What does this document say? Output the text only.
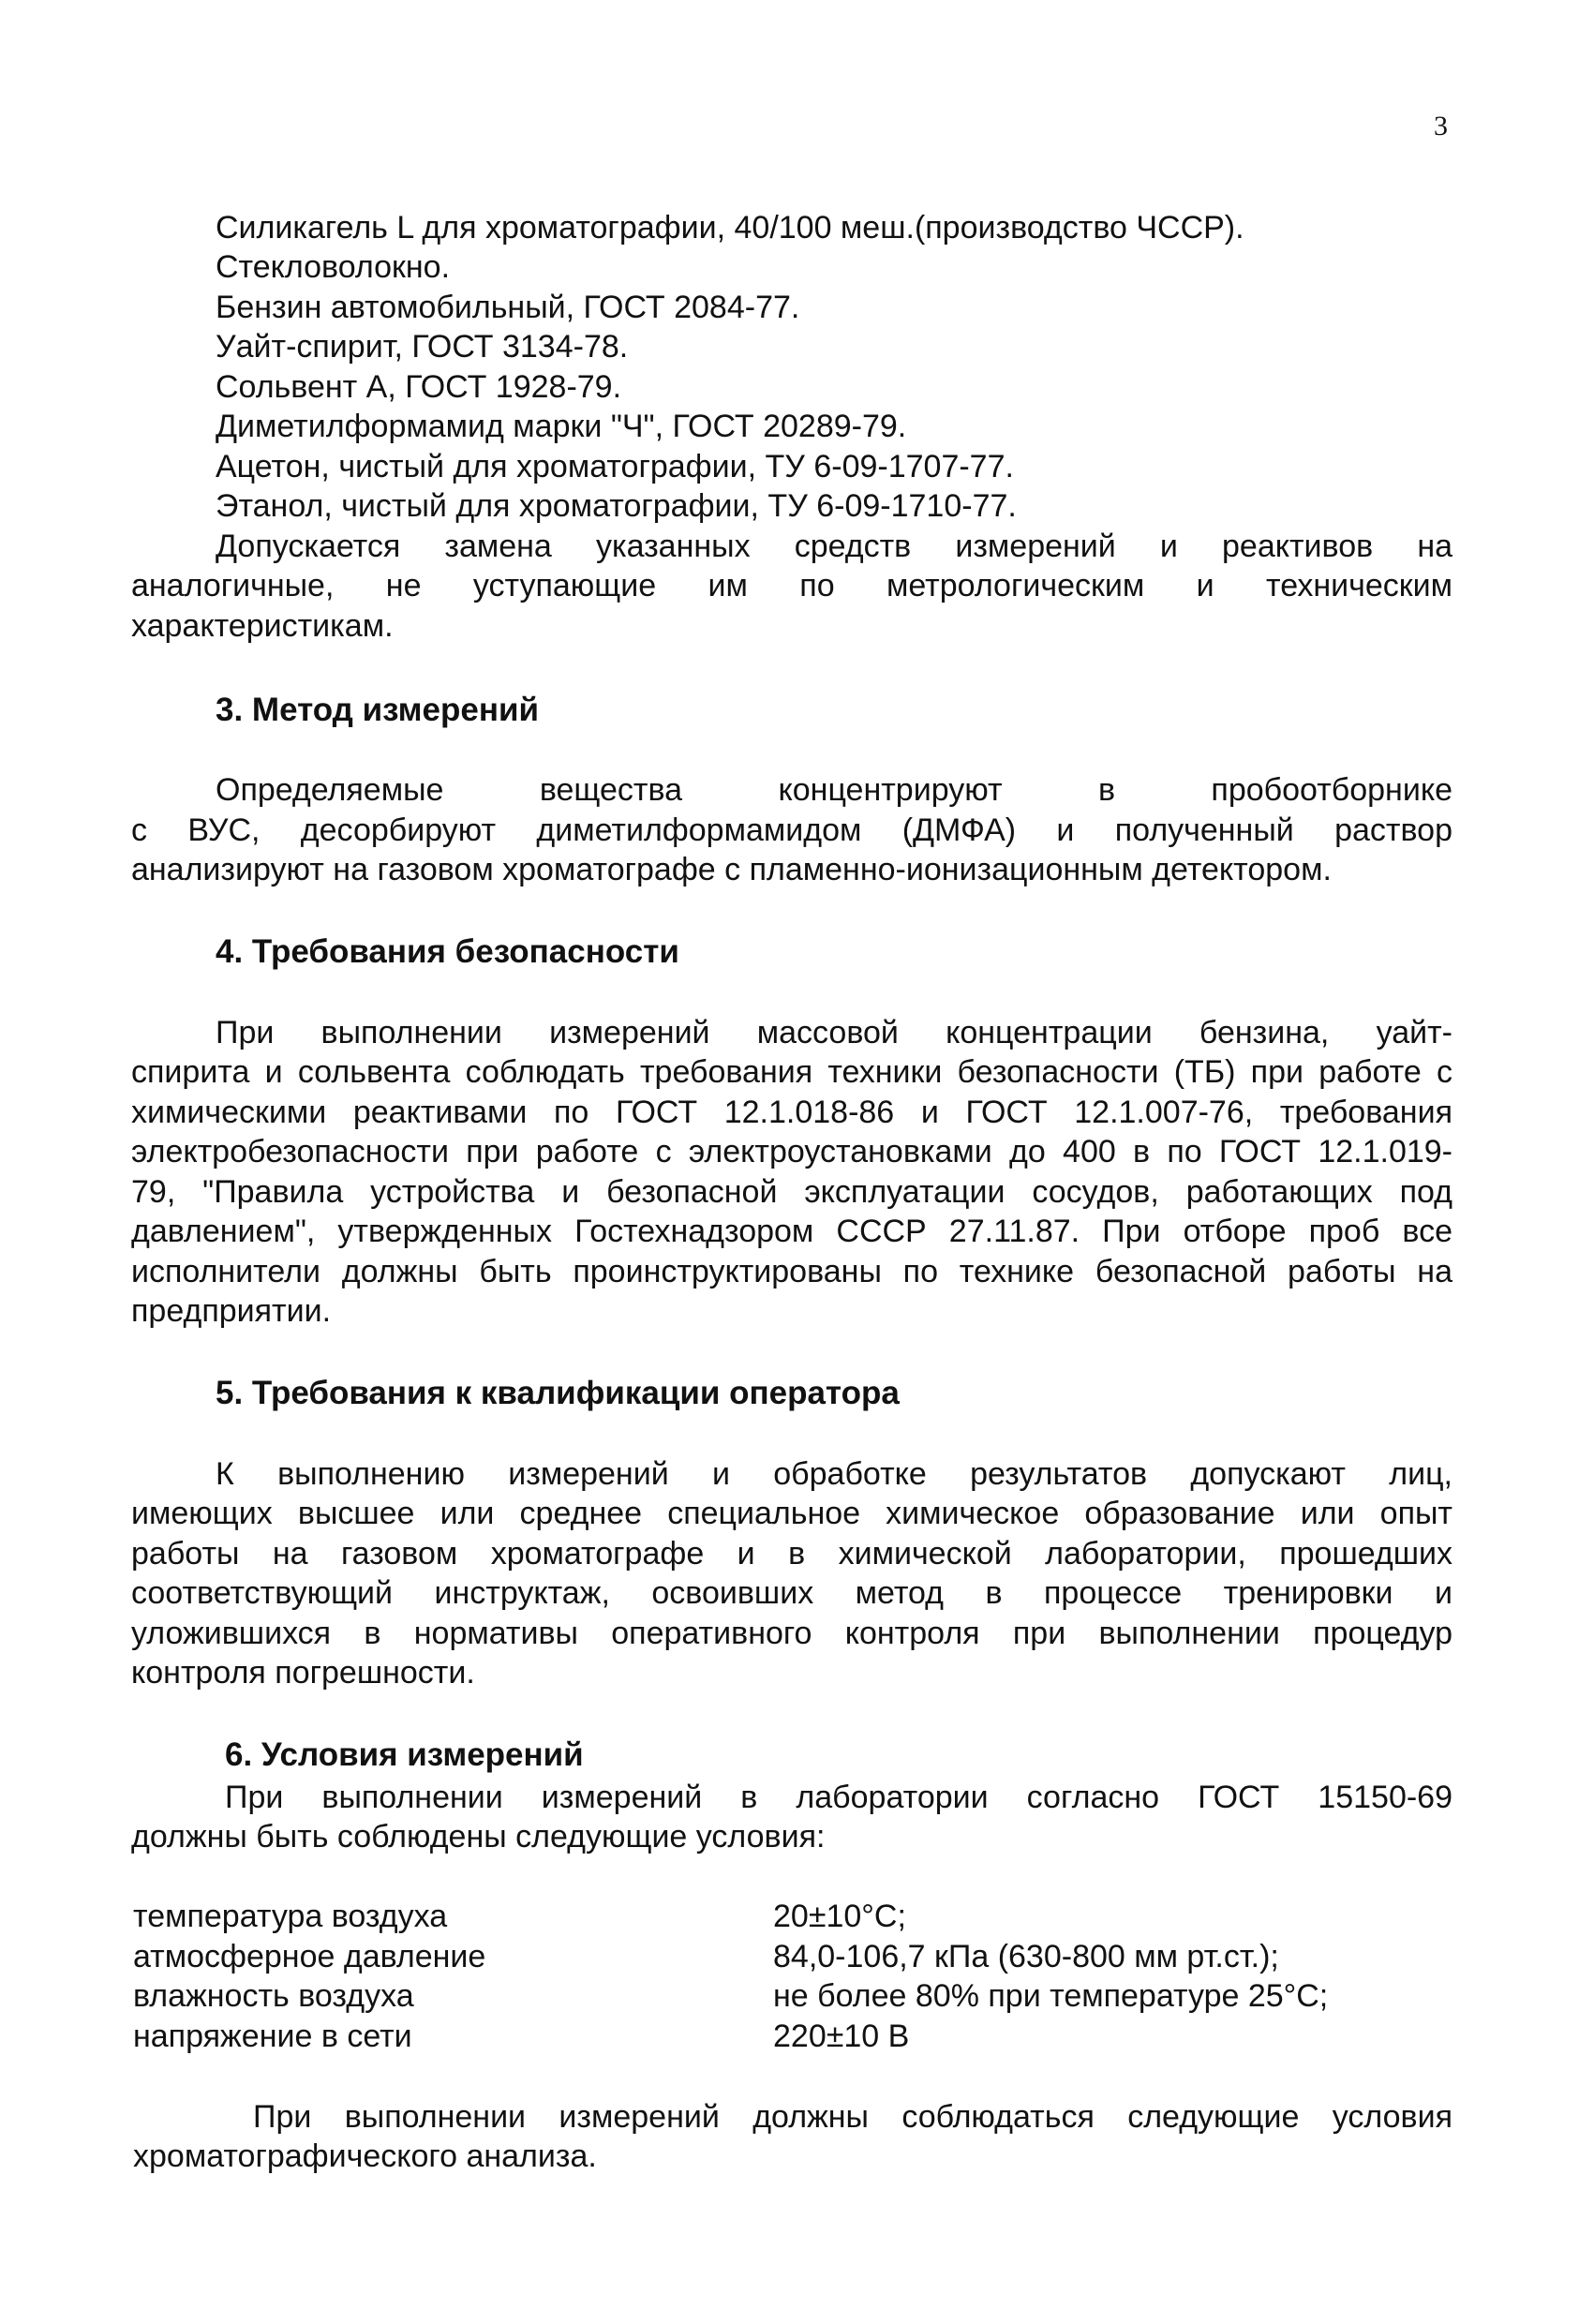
3
Силикагель L для хроматографии, 40/100 меш.(производство ЧССР).
Стекловолокно.
Бензин автомобильный, ГОСТ 2084-77.
Уайт-спирит, ГОСТ 3134-78.
Сольвент А, ГОСТ 1928-79.
Диметилформамид марки "Ч", ГОСТ 20289-79.
Ацетон, чистый для хроматографии, ТУ 6-09-1707-77.
Этанол, чистый для хроматографии, ТУ 6-09-1710-77.
Допускается замена указанных средств измерений и реактивов на
аналогичные, не уступающие им по метрологическим и техническим
характеристикам.
3. Метод измерений
Определяемые вещества концентрируют в пробоотборнике
с ВУС, десорбируют диметилформамидом (ДМФА) и полученный раствор
анализируют на газовом хроматографе с пламенно-ионизационным детектором.
4. Требования безопасности
При выполнении измерений массовой концентрации бензина, уайт-
спирита и сольвента соблюдать требования техники безопасности (ТБ) при работе с
химическими реактивами по ГОСТ 12.1.018-86 и ГОСТ 12.1.007-76, требования
электробезопасности при работе с электроустановками до 400 в по ГОСТ 12.1.019-
79, "Правила устройства и безопасной эксплуатации сосудов, работающих под
давлением", утвержденных Гостехнадзором СССР 27.11.87. При отборе проб все
исполнители должны быть проинструктированы по технике безопасной работы на
предприятии.
5. Требования к квалификации оператора
К выполнению измерений и обработке результатов допускают лиц,
имеющих высшее или среднее специальное химическое образование или опыт
работы на газовом хроматографе и в химической лаборатории, прошедших
соответствующий инструктаж, освоивших метод в процессе тренировки и
уложившихся в нормативы оперативного контроля при выполнении процедур
контроля погрешности.
6. Условия измерений
При выполнении измерений в лаборатории согласно ГОСТ 15150-69
должны быть соблюдены следующие условия:
температура воздуха	20±10°С;
атмосферное давление	84,0-106,7 кПа (630-800 мм рт.ст.);
влажность воздуха	не более 80% при температуре 25°С;
напряжение в сети	220±10 В
При выполнении измерений должны соблюдаться следующие условия
хроматографического анализа.
